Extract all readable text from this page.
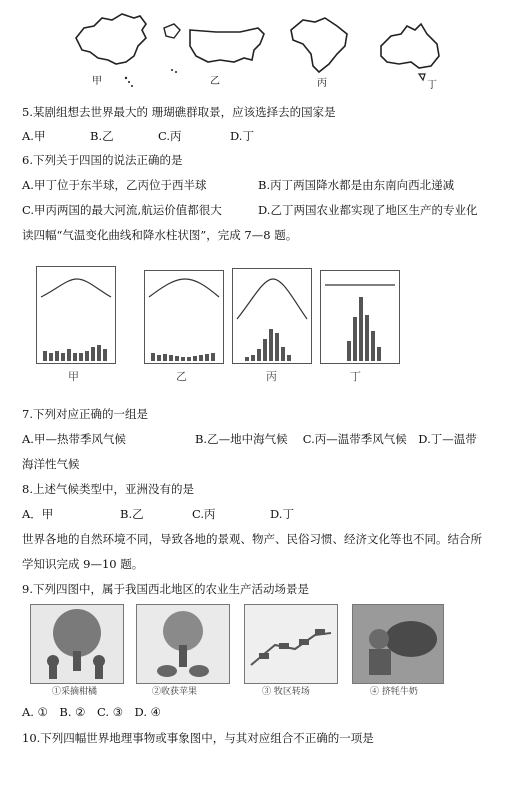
甲	乙	丙	丁
5.某剧组想去世界最大的 珊瑚礁群取景，应该选择去的国家是
A.甲	B.乙	C.丙	D.丁
6.下列关于四国的说法正确的是
A.甲丁位于东半球，乙丙位于西半球	B.丙丁两国降水都是由东南向西北递减
C.甲丙两国的最大河流,航运价值都很大	D.乙丁两国农业都实现了地区生产的专业化
读四幅“气温变化曲线和降水柱状图”，完成 7—8 题。
甲	乙	丙	丁
7.下列对应正确的一组是
A.甲—热带季风气候　　　　　　B.乙—地中海气候　 C.丙—温带季风气候　D.丁—温带
海洋性气候
8.上述气候类型中，亚洲没有的是
A．甲	B.乙	C.丙	D.丁
世界各地的自然环境不同，导致各地的景观、物产、民俗习惯、经济文化等也不同。结合所
学知识完成 9—10 题。
9.下列四图中，属于我国西北地区的农业生产活动场景是
①采摘柑橘	②收获苹果	③ 牧区转场	④ 挤牦牛奶
A. ①　B. ②　C. ③　D. ④
10.下列四幅世界地理事物或事象图中，与其对应组合不正确的一项是
